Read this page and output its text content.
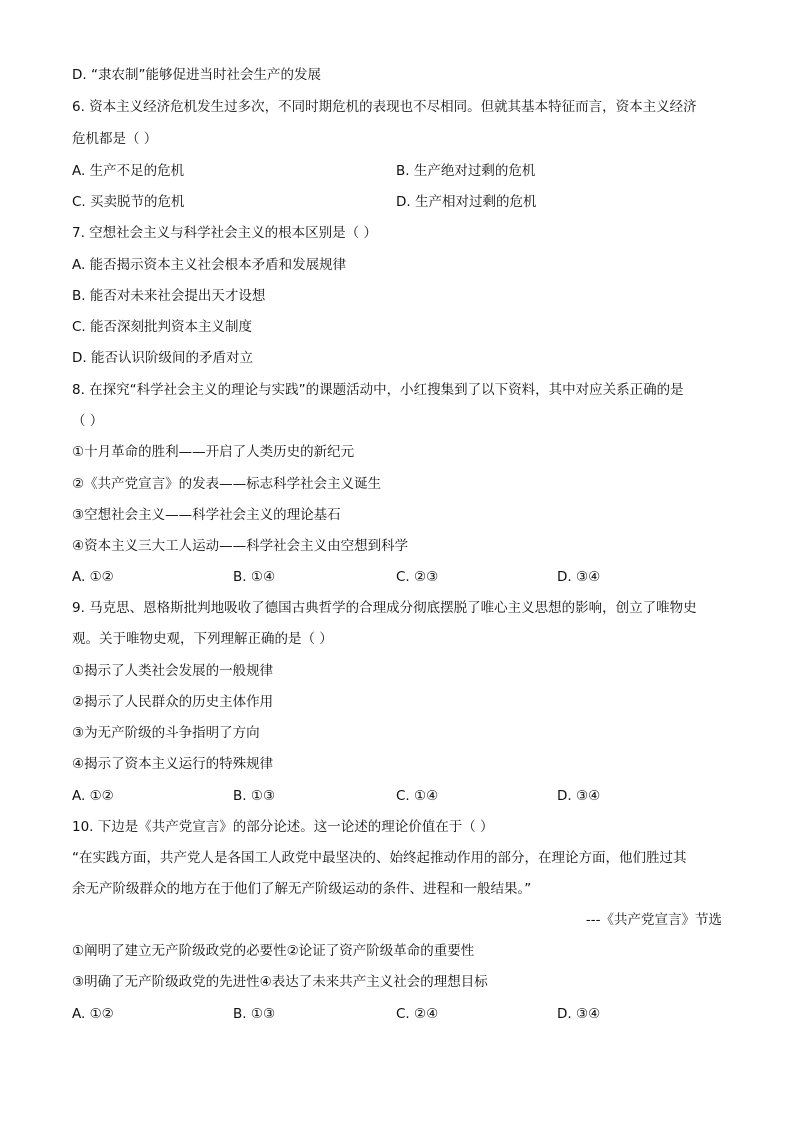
D. “隶农制”能够促进当时社会生产的发展
6. 资本主义经济危机发生过多次，不同时期危机的表现也不尽相同。但就其基本特征而言，资本主义经济
危机都是（ ）
A. 生产不足的危机	B. 生产绝对过剩的危机
C. 买卖脱节的危机	D. 生产相对过剩的危机
7. 空想社会主义与科学社会主义的根本区别是（ ）
A. 能否揭示资本主义社会根本矛盾和发展规律
B. 能否对未来社会提出天才设想
C. 能否深刻批判资本主义制度
D. 能否认识阶级间的矛盾对立
8. 在探究“科学社会主义的理论与实践”的课题活动中，小红搜集到了以下资料，其中对应关系正确的是
（ ）
①十月革命的胜利——开启了人类历史的新纪元
②《共产党宣言》的发表——标志科学社会主义诞生
③空想社会主义——科学社会主义的理论基石
④资本主义三大工人运动——科学社会主义由空想到科学
A. ①②	B. ①④	C. ②③	D. ③④
9. 马克思、恩格斯批判地吸收了德国古典哲学的合理成分彻底摆脱了唯心主义思想的影响，创立了唯物史
观。关于唯物史观，下列理解正确的是（ ）
①揭示了人类社会发展的一般规律
②揭示了人民群众的历史主体作用
③为无产阶级的斗争指明了方向
④揭示了资本主义运行的特殊规律
A. ①②	B. ①③	C. ①④	D. ③④
10. 下边是《共产党宣言》的部分论述。这一论述的理论价值在于（ ）
“在实践方面，共产党人是各国工人政党中最坚决的、始终起推动作用的部分，在理论方面，他们胜过其
余无产阶级群众的地方在于他们了解无产阶级运动的条件、进程和一般结果。”
---《共产党宣言》节选
①阐明了建立无产阶级政党的必要性②论证了资产阶级革命的重要性
③明确了无产阶级政党的先进性④表达了未来共产主义社会的理想目标
A. ①②	B. ①③	C. ②④	D. ③④
